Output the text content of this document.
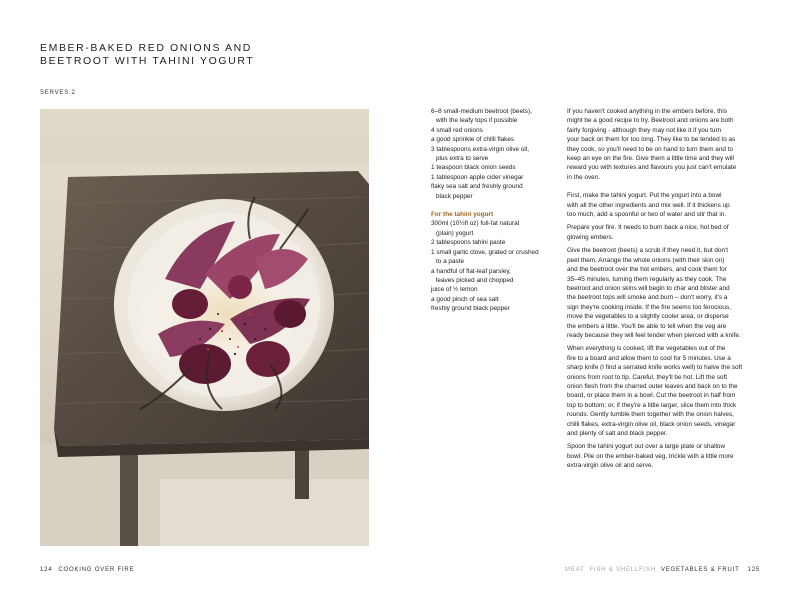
EMBER-BAKED RED ONIONS AND
BEETROOT WITH TAHINI YOGURT
SERVES 2
6–8 small-medium beetroot (beets),
with the leafy tops if possible
4 small red onions
a good sprinkle of chilli flakes
3 tablespoons extra-virgin olive oil,
plus extra to serve
1 teaspoon black onion seeds
1 tablespoon apple cider vinegar
flaky sea salt and freshly ground
black pepper
For the tahini yogurt
300ml (10½fl oz) full-fat natural
(plain) yogurt
2 tablespoons tahini paste
1 small garlic clove, grated or crushed
to a paste
a handful of flat-leaf parsley,
leaves picked and chopped
juice of ½ lemon
a good pinch of sea salt
freshly ground black pepper
If you haven't cooked anything in the embers before, this
might be a good recipe to try. Beetroot and onions are both
fairly forgiving - although they may not like it if you turn
your back on them for too long. They like to be tended to as
they cook, so you'll need to be on hand to turn them and to
keep an eye on the fire. Give them a little time and they will
reward you with textures and flavours you just can't emulate
in the oven.
First, make the tahini yogurt. Put the yogurt into a bowl
with all the other ingredients and mix well. If it thickens up
too much, add a spoonful or two of water and stir that in.
Prepare your fire. It needs to burn back a nice, hot bed of
glowing embers.
Give the beetroot (beets) a scrub if they need it, but don't
peel them. Arrange the whole onions (with their skin on)
and the beetroot over the hot embers, and cook them for
35–45 minutes, turning them regularly as they cook. The
beetroot and onion skins will begin to char and blister and
the beetroot tops will smoke and burn – don't worry, it's a
sign they're cooking inside. If the fire seems too ferocious,
move the vegetables to a slightly cooler area, or disperse
the embers a little. You'll be able to tell when the veg are
ready because they will feel tender when pierced with a knife.
When everything is cooked, lift the vegetables out of the
fire to a board and allow them to cool for 5 minutes. Use a
sharp knife (I find a serrated knife works well) to halve the soft
onions from root to tip. Careful, they'll be hot. Lift the soft
onion flesh from the charred outer leaves and back on to the
board, or place them in a bowl. Cut the beetroot in half from
top to bottom; or, if they're a little larger, slice them into thick
rounds. Gently tumble them together with the onion halves,
chilli flakes, extra-virgin olive oil, black onion seeds, vinegar
and plenty of salt and black pepper.
Spoon the tahini yogurt out over a large plate or shallow
bowl. Pile on the ember-baked veg, trickle with a little more
extra-virgin olive oil and serve.
124 COOKING OVER FIRE	MEAT FISH & SHELLFISH VEGETABLES & FRUIT 125
